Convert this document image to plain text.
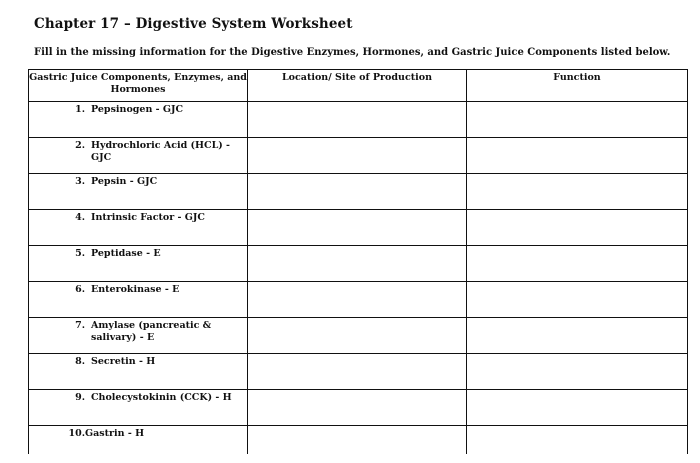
Chapter 17 – Digestive System Worksheet
Fill in the missing information for the Digestive Enzymes, Hormones, and Gastric Juice Components listed below.
Gastric Juice Components, Enzymes, and Hormones	Location/ Site of Production	Function

1. Pepsinogen - GJC		

2. Hydrochloric Acid (HCL) - GJC		

3. Pepsin - GJC		

4. Intrinsic Factor - GJC		

5. Peptidase - E		

6. Enterokinase - E		

7. Amylase (pancreatic & salivary) - E		

8. Secretin - H		

9. Cholecystokinin (CCK) - H		

10. Gastrin - H		
